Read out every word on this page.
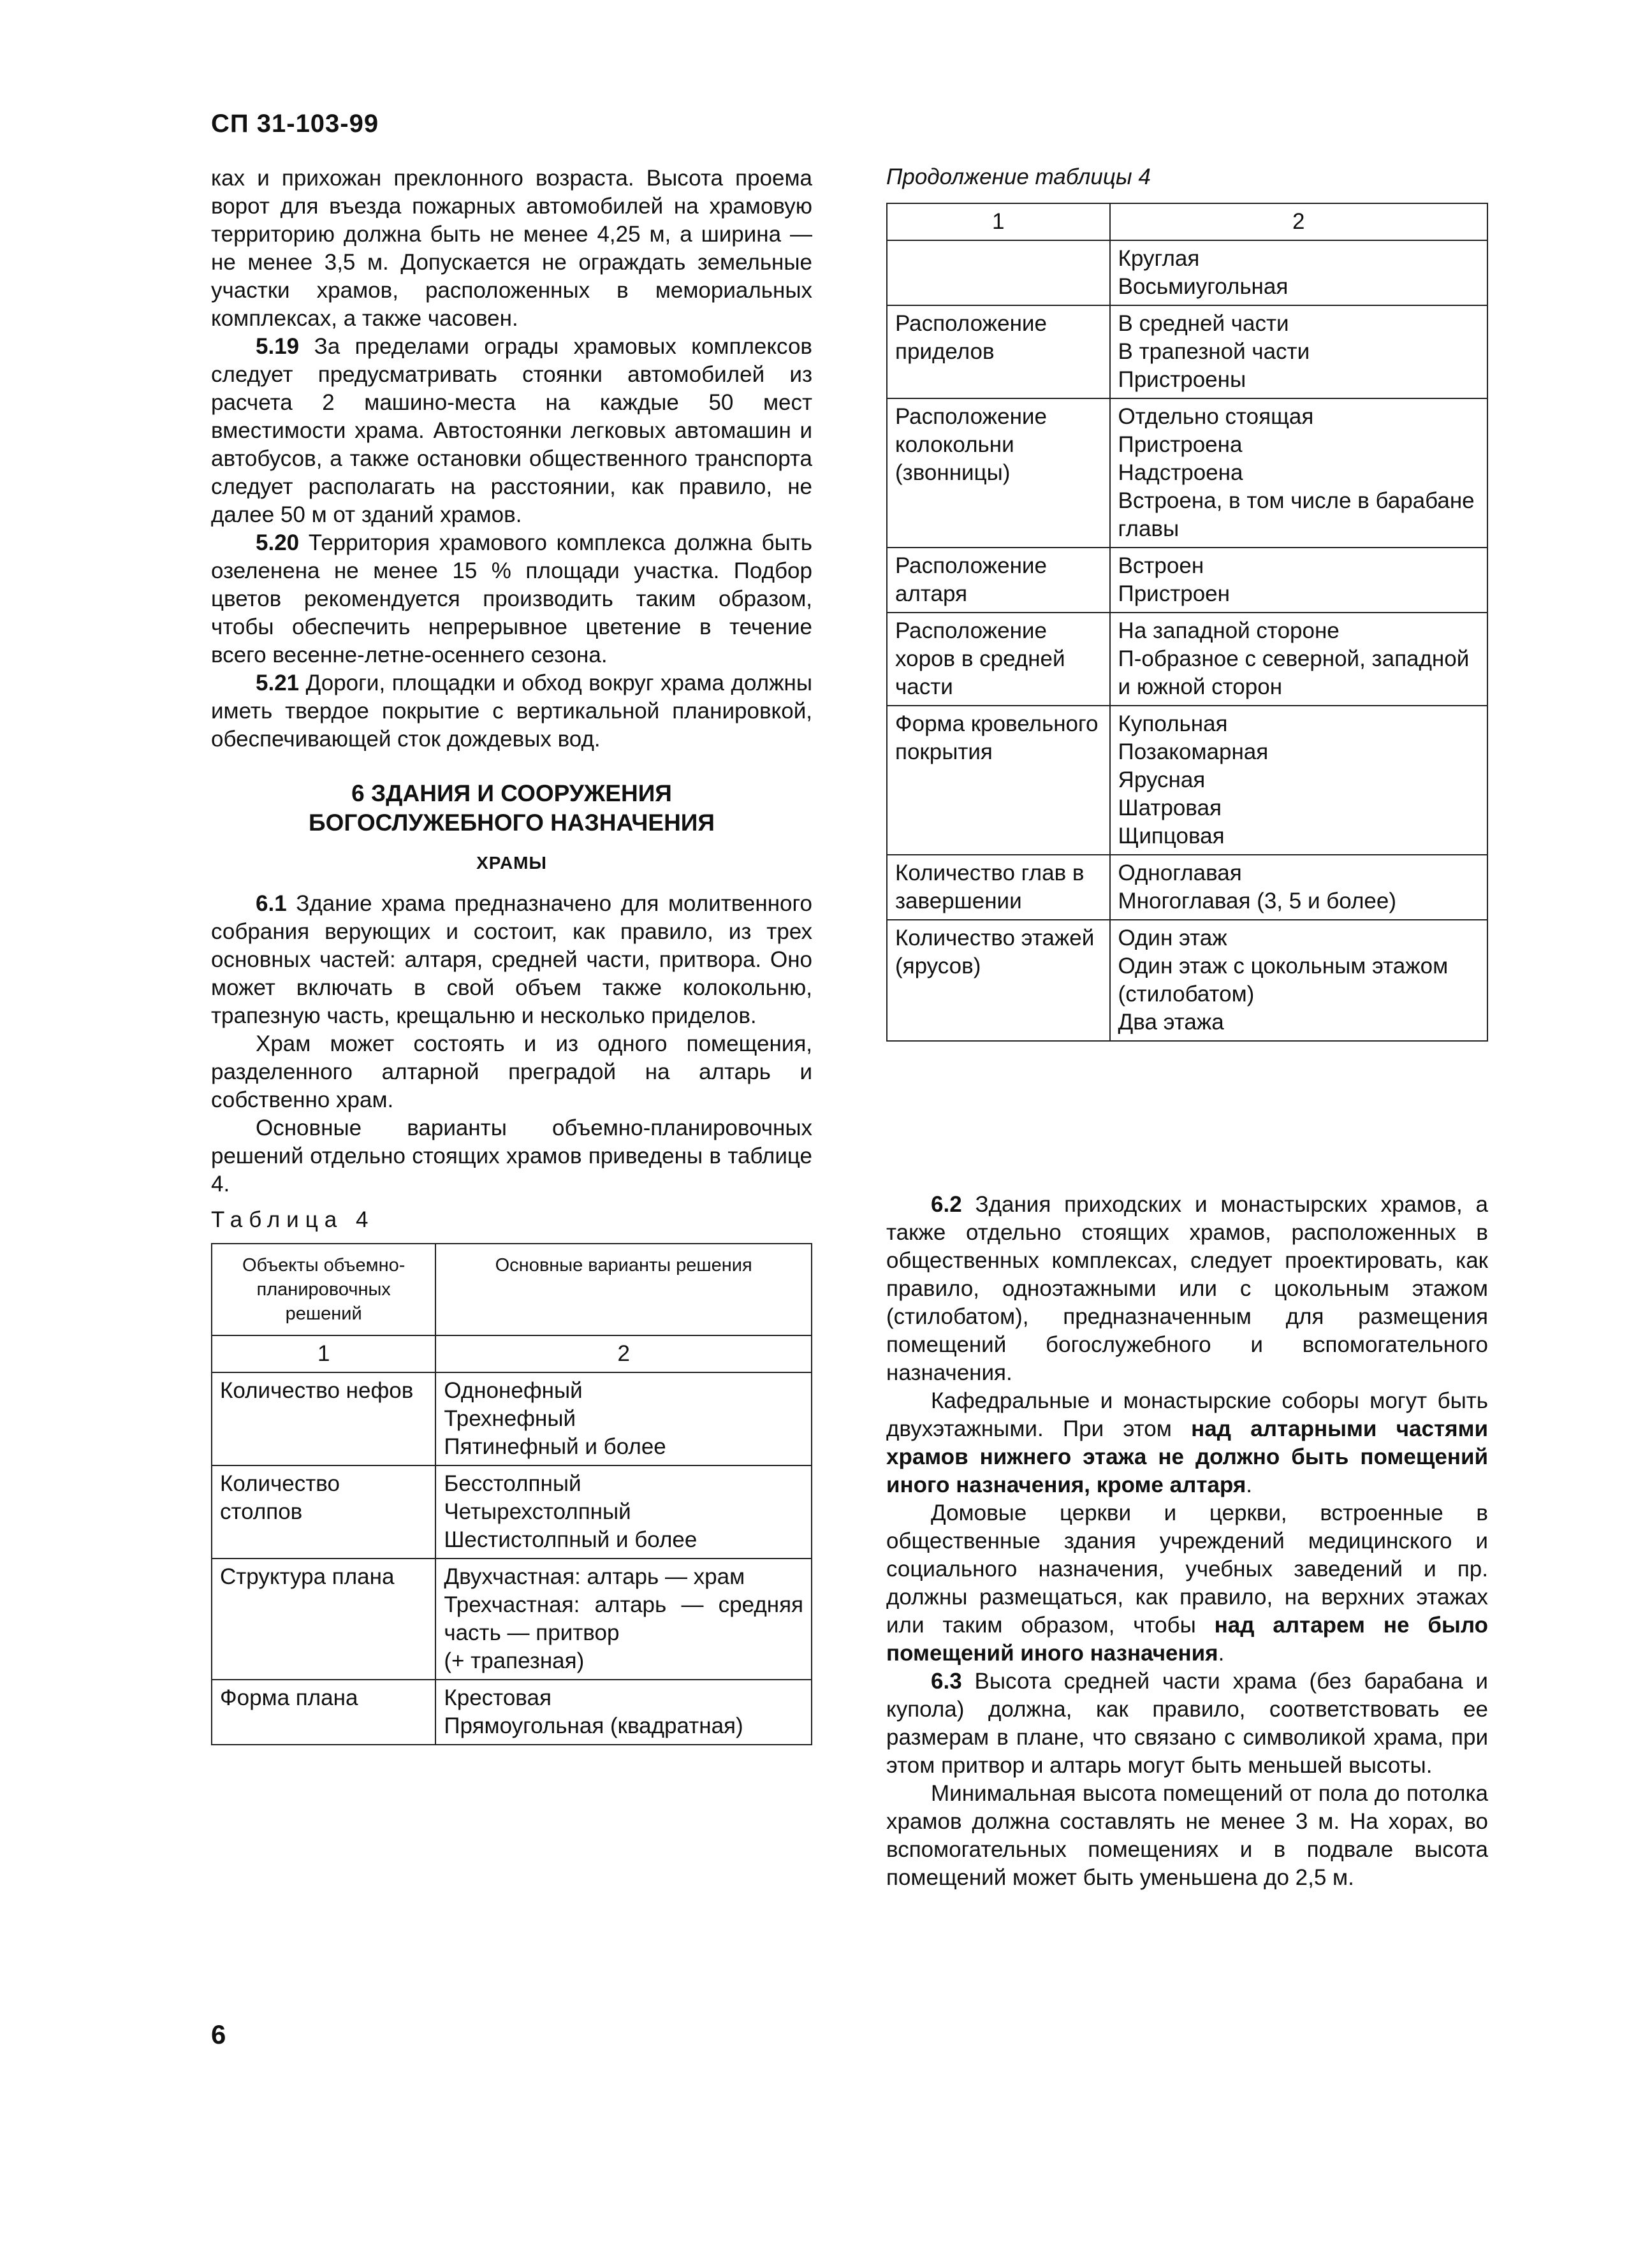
СП 31-103-99

ках и прихожан преклонного возраста. Высота проема ворот для въезда пожарных автомобилей на храмовую территорию должна быть не менее 4,25 м, а ширина — не менее 3,5 м. Допускается не ограждать земельные участки храмов, расположенных в мемориальных комплексах, а также часовен.

5.19 За пределами ограды храмовых комплексов следует предусматривать стоянки автомобилей из расчета 2 машино-места на каждые 50 мест вместимости храма. Автостоянки легковых автомашин и автобусов, а также остановки общественного транспорта следует располагать на расстоянии, как правило, не далее 50 м от зданий храмов.

5.20 Территория храмового комплекса должна быть озеленена не менее 15 % площади участка. Подбор цветов рекомендуется производить таким образом, чтобы обеспечить непрерывное цветение в течение всего весенне-летне-осеннего сезона.

5.21 Дороги, площадки и обход вокруг храма должны иметь твердое покрытие с вертикальной планировкой, обеспечивающей сток дождевых вод.

6 ЗДАНИЯ И СООРУЖЕНИЯ
БОГОСЛУЖЕБНОГО НАЗНАЧЕНИЯ
ХРАМЫ

6.1 Здание храма предназначено для молитвенного собрания верующих и состоит, как правило, из трех основных частей: алтаря, средней части, притвора. Оно может включать в свой объем также колокольню, трапезную часть, крещальню и несколько приделов.

Храм может состоять и из одного помещения, разделенного алтарной преградой на алтарь и собственно храм.

Основные варианты объемно-планировочных решений отдельно стоящих храмов приведены в таблице 4.

Таблица 4
Объекты объемно-планировочных решений	Основные варианты решения
1	2
Количество нефов	Однонефный
Трехнефный
Пятинефный и более

Количество столпов	Бесстолпный
Четырехстолпный
Шестистолпный и более

Структура плана	Двухчастная: алтарь — храм
Трехчастная: алтарь — средняя часть — притвор
(+ трапезная)

Форма плана	Крестовая
Прямоугольная (квадратная)
Продолжение таблицы 4
1	2

	Круглая
Восьмиугольная

Расположение приделов	В средней части
В трапезной части
Пристроены

Расположение колокольни (звонницы)	Отдельно стоящая
Пристроена
Надстроена
Встроена, в том числе в барабане главы

Расположение алтаря	Встроен
Пристроен

Расположение хоров в средней части	На западной стороне
П-образное с северной, западной и южной сторон

Форма кровельного покрытия	Купольная
Позакомарная
Ярусная
Шатровая
Щипцовая

Количество глав в завершении	Одноглавая
Многоглавая (3, 5 и более)

Количество этажей (ярусов)	Один этаж
Один этаж с цокольным этажом (стилобатом)
Два этажа

6.2 Здания приходских и монастырских храмов, а также отдельно стоящих храмов, расположенных в общественных комплексах, следует проектировать, как правило, одноэтажными или с цокольным этажом (стилобатом), предназначенным для размещения помещений богослужебного и вспомогательного назначения.

Кафедральные и монастырские соборы могут быть двухэтажными. При этом над алтарными частями храмов нижнего этажа не должно быть помещений иного назначения, кроме алтаря.

Домовые церкви и церкви, встроенные в общественные здания учреждений медицинского и социального назначения, учебных заведений и пр. должны размещаться, как правило, на верхних этажах или таким образом, чтобы над алтарем не было помещений иного назначения.

6.3 Высота средней части храма (без барабана и купола) должна, как правило, соответствовать ее размерам в плане, что связано с символикой храма, при этом притвор и алтарь могут быть меньшей высоты.

Минимальная высота помещений от пола до потолка храмов должна составлять не менее 3 м. На хорах, во вспомогательных помещениях и в подвале высота помещений может быть уменьшена до 2,5 м.

6
